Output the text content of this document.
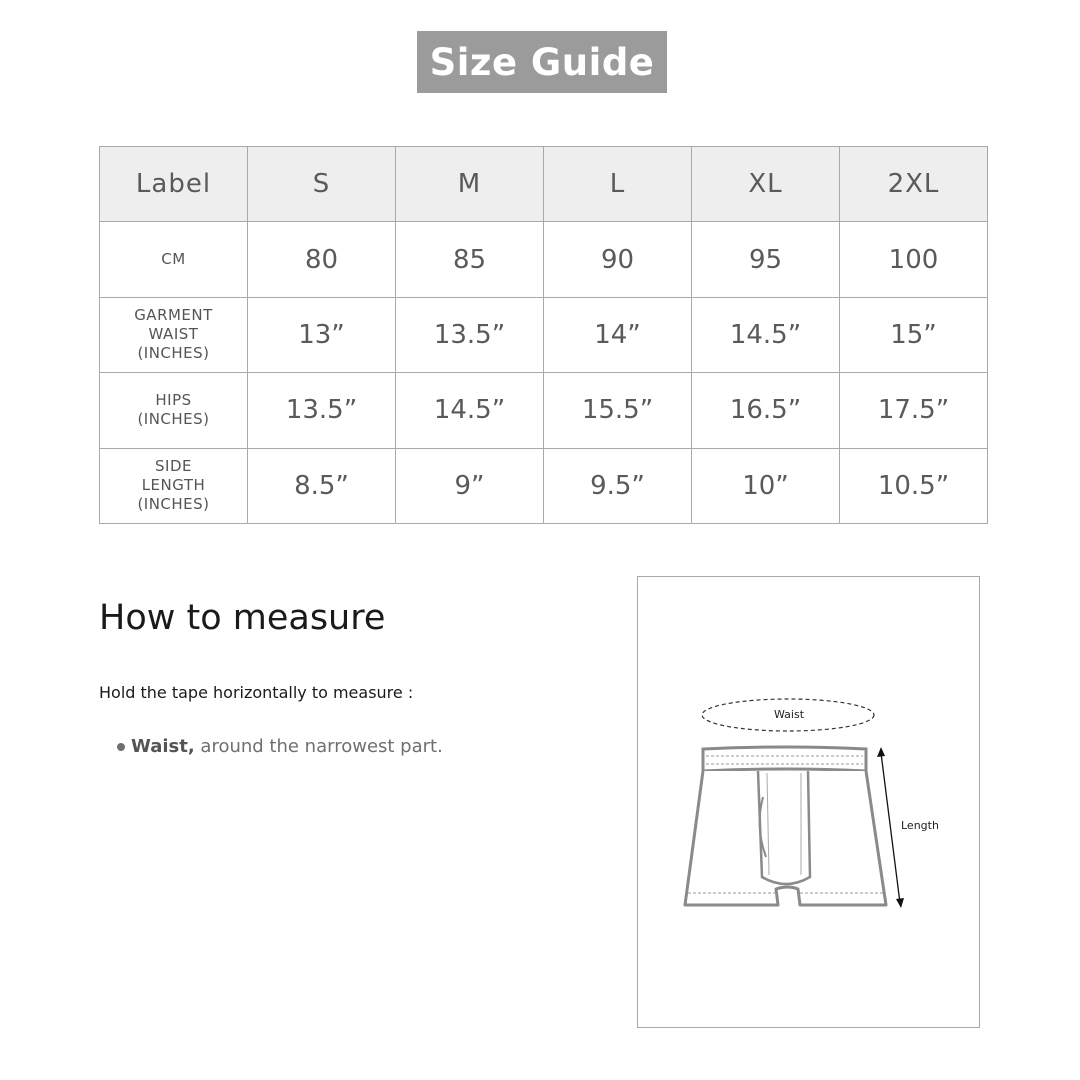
Size Guide
Label	S	M	L	XL	2XL

CM	80	85	90	95	100

GARMENT
WAIST
(INCHES)	13”	13.5”	14”	14.5”	15”

HIPS
(INCHES)	13.5”	14.5”	15.5”	16.5”	17.5”

SIDE
LENGTH
(INCHES)	8.5”	9”	9.5”	10”	10.5”
How to measure
Hold the tape horizontally to measure :
Waist, around the narrowest part.
Waist
Length
